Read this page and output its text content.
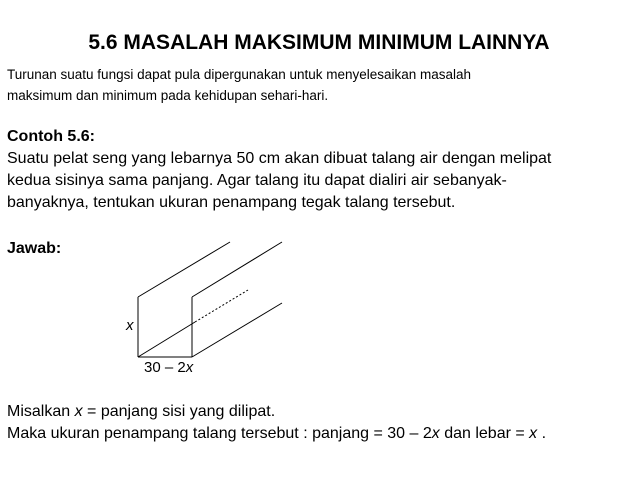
5.6 MASALAH MAKSIMUM MINIMUM LAINNYA
Turunan suatu fungsi dapat pula dipergunakan untuk menyelesaikan masalah
maksimum dan minimum pada kehidupan sehari-hari.
Contoh 5.6:
Suatu pelat seng yang lebarnya 50 cm akan dibuat talang air dengan melipat
kedua sisinya sama panjang. Agar talang itu dapat dialiri air sebanyak-
banyaknya, tentukan ukuran penampang tegak talang tersebut.
Jawab:
x
30 – 2x
Misalkan x = panjang sisi yang dilipat.
Maka ukuran penampang talang tersebut : panjang = 30 – 2x dan lebar = x .
